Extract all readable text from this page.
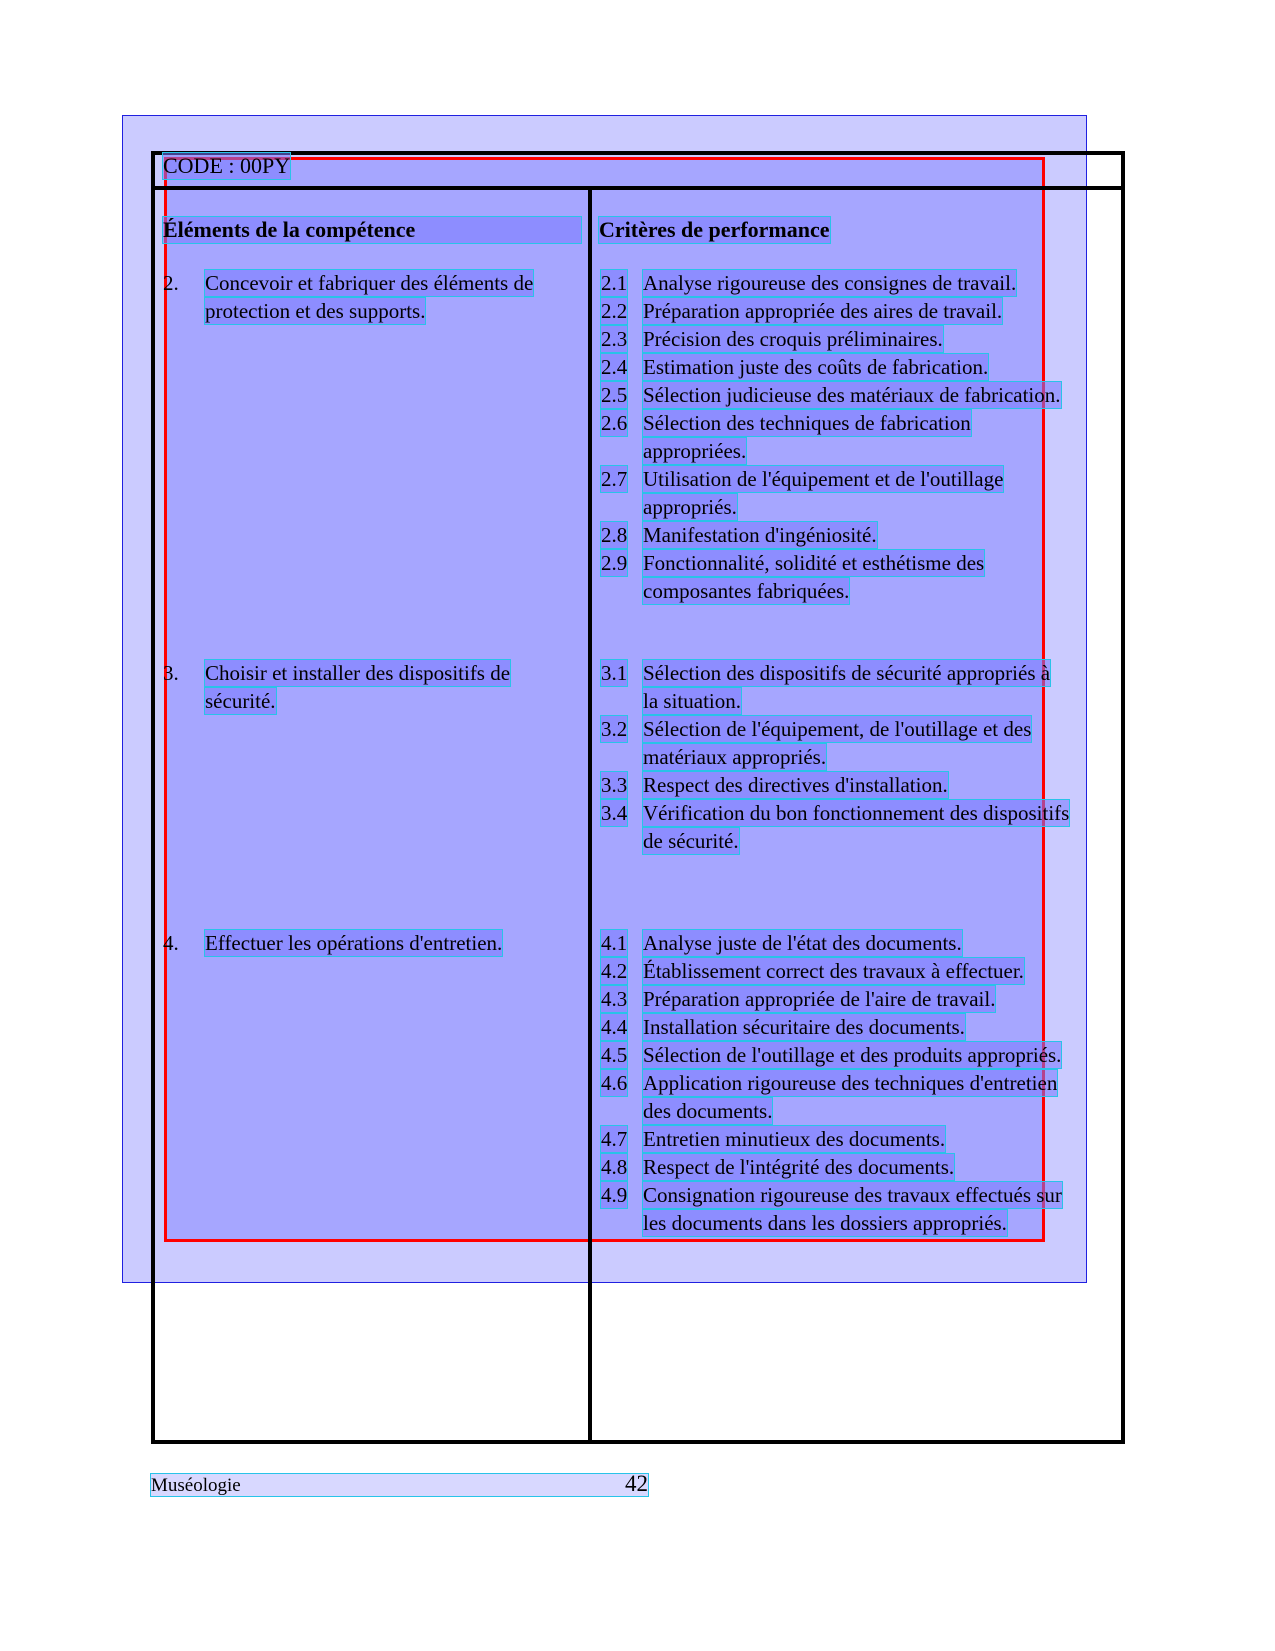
CODE : 00PY
Éléments de la compétence	Critères de performance
2. Concevoir et fabriquer des éléments de
protection et des supports.
3. Choisir et installer des dispositifs de
sécurité.
4. Effectuer les opérations d'entretien.
2.1 Analyse rigoureuse des consignes de travail.
2.2 Préparation appropriée des aires de travail.
2.3 Précision des croquis préliminaires.
2.4 Estimation juste des coûts de fabrication.
2.5 Sélection judicieuse des matériaux de fabrication.
2.6 Sélection des techniques de fabrication
appropriées.
2.7 Utilisation de l'équipement et de l'outillage
appropriés.
2.8 Manifestation d'ingéniosité.
2.9 Fonctionnalité, solidité et esthétisme des
composantes fabriquées.
3.1 Sélection des dispositifs de sécurité appropriés à
la situation.
3.2 Sélection de l'équipement, de l'outillage et des
matériaux appropriés.
3.3 Respect des directives d'installation.
3.4 Vérification du bon fonctionnement des dispositifs
de sécurité.
4.1 Analyse juste de l'état des documents.
4.2 Établissement correct des travaux à effectuer.
4.3 Préparation appropriée de l'aire de travail.
4.4 Installation sécuritaire des documents.
4.5 Sélection de l'outillage et des produits appropriés.
4.6 Application rigoureuse des techniques d'entretien
des documents.
4.7 Entretien minutieux des documents.
4.8 Respect de l'intégrité des documents.
4.9 Consignation rigoureuse des travaux effectués sur
les documents dans les dossiers appropriés.
Muséologie	42
